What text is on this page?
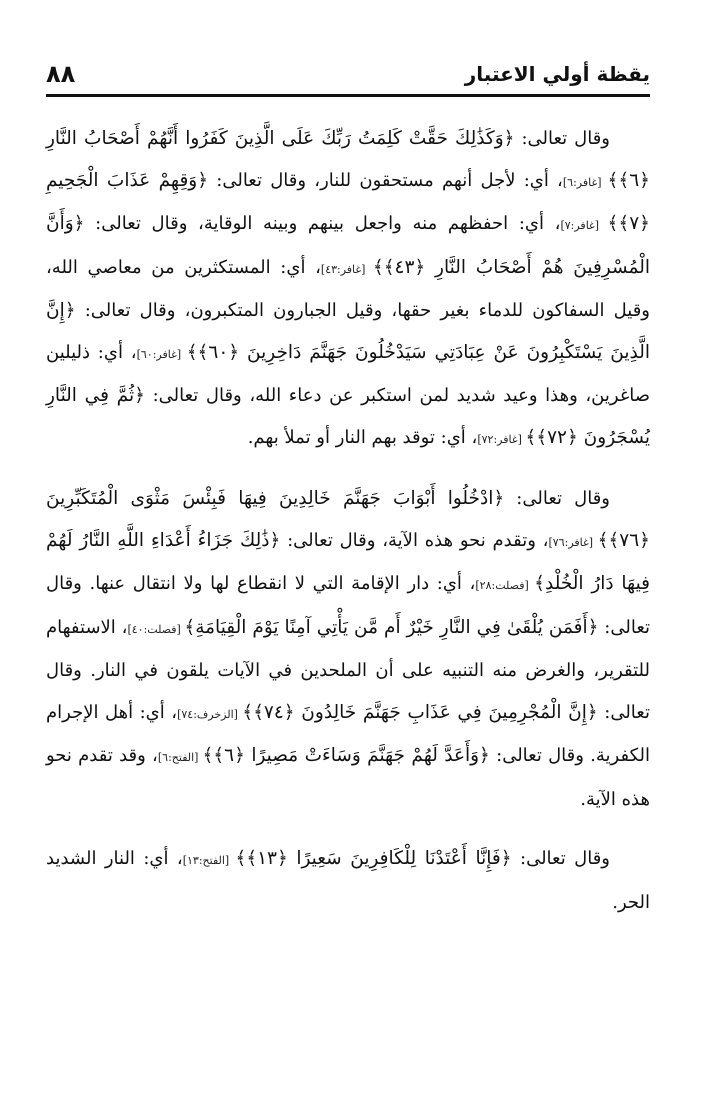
٨٨	يقظة أولي الاعتبار

وقال تعالى: ﴿وَكَذَٰلِكَ حَقَّتْ كَلِمَتُ رَبِّكَ عَلَى الَّذِينَ كَفَرُوا أَنَّهُمْ أَصْحَابُ النَّارِ ﴿٦﴾﴾ [غافر:٦]، أي: لأجل أنهم مستحقون للنار، وقال تعالى: ﴿وَقِهِمْ عَذَابَ الْجَحِيمِ ﴿٧﴾﴾ [غافر:٧]، أي: احفظهم منه واجعل بينهم وبينه الوقاية، وقال تعالى: ﴿وَأَنَّ الْمُسْرِفِينَ هُمْ أَصْحَابُ النَّارِ ﴿٤٣﴾﴾ [غافر:٤٣]، أي: المستكثرين من معاصي الله، وقيل السفاكون للدماء بغير حقها، وقيل الجبارون المتكبرون، وقال تعالى: ﴿إِنَّ الَّذِينَ يَسْتَكْبِرُونَ عَنْ عِبَادَتِي سَيَدْخُلُونَ جَهَنَّمَ دَاخِرِينَ ﴿٦٠﴾﴾ [غافر:٦٠]، أي: ذليلين صاغرين، وهذا وعيد شديد لمن استكبر عن دعاء الله، وقال تعالى: ﴿ثُمَّ فِي النَّارِ يُسْجَرُونَ ﴿٧٢﴾﴾ [غافر:٧٢]، أي: توقد بهم النار أو تملأ بهم.

وقال تعالى: ﴿ادْخُلُوا أَبْوَابَ جَهَنَّمَ خَالِدِينَ فِيهَا فَبِئْسَ مَثْوَى الْمُتَكَبِّرِينَ ﴿٧٦﴾﴾ [غافر:٧٦]، وتقدم نحو هذه الآية، وقال تعالى: ﴿ذَٰلِكَ جَزَاءُ أَعْدَاءِ اللَّهِ النَّارُ لَهُمْ فِيهَا دَارُ الْخُلْدِ﴾ [فصلت:٢٨]، أي: دار الإقامة التي لا انقطاع لها ولا انتقال عنها. وقال تعالى: ﴿أَفَمَن يُلْقَىٰ فِي النَّارِ خَيْرٌ أَم مَّن يَأْتِي آمِنًا يَوْمَ الْقِيَامَةِ﴾ [فصلت:٤٠]، الاستفهام للتقرير، والغرض منه التنبيه على أن الملحدين في الآيات يلقون في النار. وقال تعالى: ﴿إِنَّ الْمُجْرِمِينَ فِي عَذَابِ جَهَنَّمَ خَالِدُونَ ﴿٧٤﴾﴾ [الزخرف:٧٤]، أي: أهل الإجرام الكفرية. وقال تعالى: ﴿وَأَعَدَّ لَهُمْ جَهَنَّمَ وَسَاءَتْ مَصِيرًا ﴿٦﴾﴾ [الفتح:٦]، وقد تقدم نحو هذه الآية.

وقال تعالى: ﴿فَإِنَّا أَعْتَدْنَا لِلْكَافِرِينَ سَعِيرًا ﴿١٣﴾﴾ [الفتح:١٣]، أي: النار الشديد الحر.
